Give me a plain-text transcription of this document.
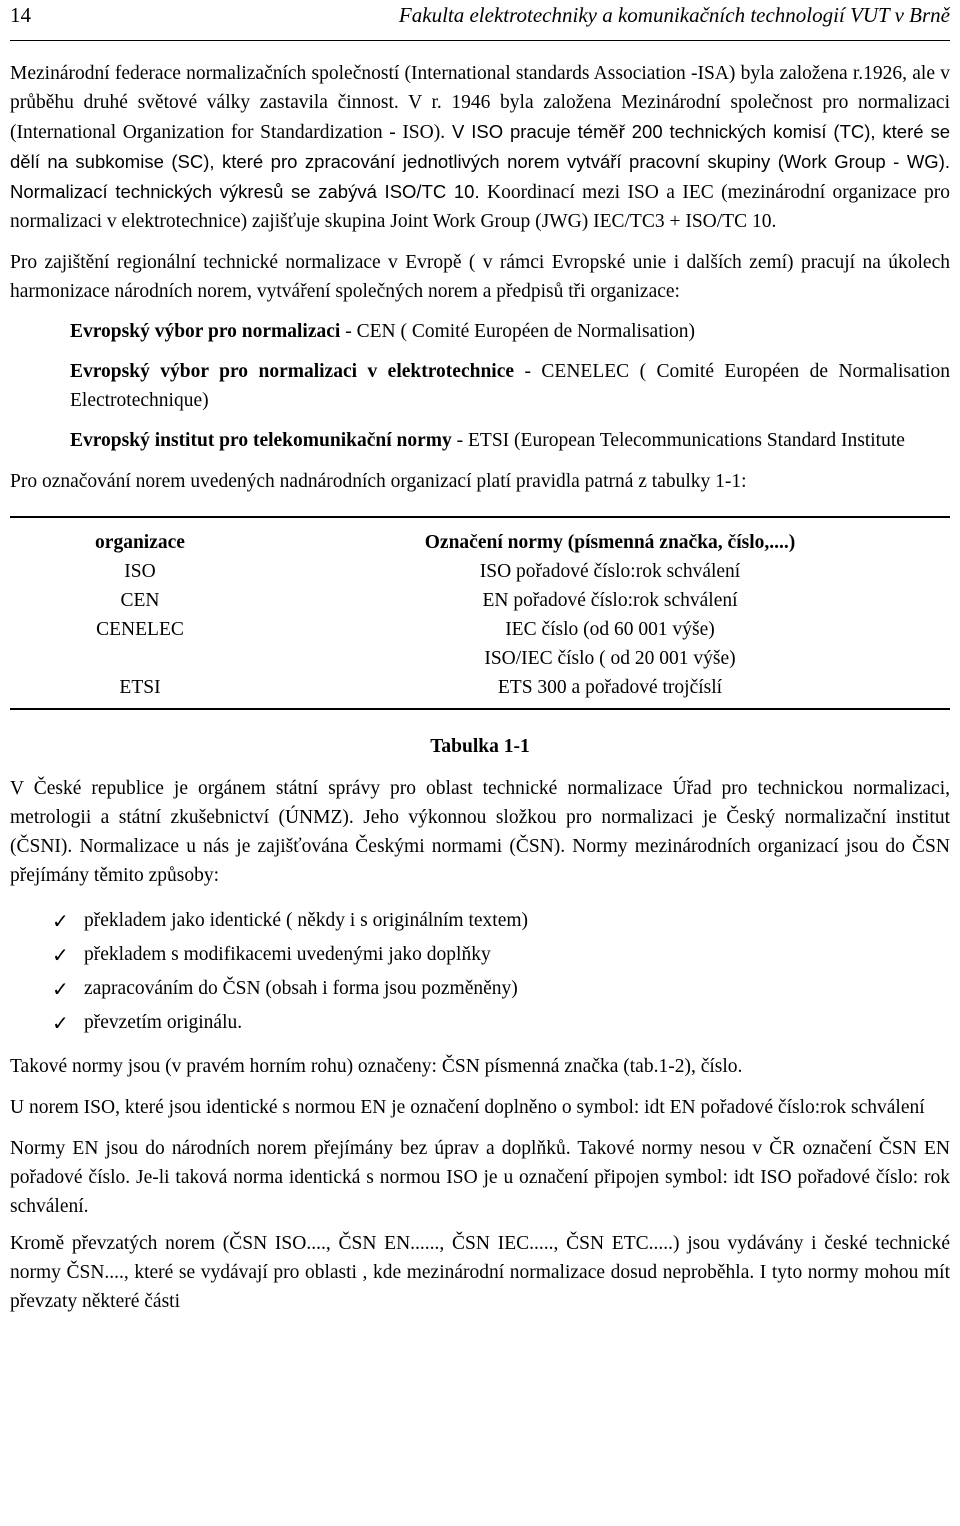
14	Fakulta elektrotechniky a komunikačních technologií VUT v Brně

Mezinárodní federace normalizačních společností (International standards Association -ISA) byla založena r.1926, ale v průběhu druhé světové války zastavila činnost. V r. 1946 byla založena Mezinárodní společnost pro normalizaci (International Organization for Standardization - ISO). V ISO pracuje téměř 200 technických komisí (TC), které se dělí na subkomise (SC), které pro zpracování jednotlivých norem vytváří pracovní skupiny (Work Group - WG). Normalizací technických výkresů se zabývá ISO/TC 10. Koordinací mezi ISO a IEC (mezinárodní organizace pro normalizaci v elektrotechnice) zajišťuje skupina Joint Work Group (JWG) IEC/TC3 + ISO/TC 10.

Pro zajištění regionální technické normalizace v Evropě ( v rámci Evropské unie i dalších zemí) pracují na úkolech harmonizace národních norem, vytváření společných norem a předpisů tři organizace:

Evropský výbor pro normalizaci - CEN ( Comité Européen de Normalisation)

Evropský výbor pro normalizaci v elektrotechnice - CENELEC ( Comité Européen de Normalisation Electrotechnique)

Evropský institut pro telekomunikační normy - ETSI (European Telecommunications Standard Institute

Pro označování norem uvedených nadnárodních organizací platí pravidla patrná z tabulky 1-1:

organizace	Označení normy (písmenná značka, číslo,....)
ISO	ISO pořadové číslo:rok schválení
CEN	EN pořadové číslo:rok schválení
CENELEC	IEC číslo (od 60 001 výše)
	ISO/IEC číslo ( od 20 001 výše)
ETSI	ETS 300 a pořadové trojčíslí
Tabulka 1-1

V České republice je orgánem státní správy pro oblast technické normalizace Úřad pro technickou normalizaci, metrologii a státní zkušebnictví (ÚNMZ). Jeho výkonnou složkou pro normalizaci je Český normalizační institut (ČSNI). Normalizace u nás je zajišťována Českými normami (ČSN). Normy mezinárodních organizací jsou do ČSN přejímány těmito způsoby:

✓ překladem jako identické ( někdy i s originálním textem)
✓ překladem s modifikacemi uvedenými jako doplňky
✓ zapracováním do ČSN (obsah i forma jsou pozměněny)
✓ převzetím originálu.

Takové normy jsou (v pravém horním rohu) označeny: ČSN písmenná značka (tab.1-2), číslo.

U norem ISO, které jsou identické s normou EN je označení doplněno o symbol: idt EN pořadové číslo:rok schválení

Normy EN jsou do národních norem přejímány bez úprav a doplňků. Takové normy nesou v ČR označení ČSN EN pořadové číslo. Je-li taková norma identická s normou ISO je u označení připojen symbol: idt ISO pořadové číslo: rok schválení.

Kromě převzatých norem (ČSN ISO...., ČSN EN......, ČSN IEC....., ČSN ETC.....) jsou vydávány i české technické normy ČSN...., které se vydávají pro oblasti , kde mezinárodní normalizace dosud neproběhla. I tyto normy mohou mít převzaty některé části
